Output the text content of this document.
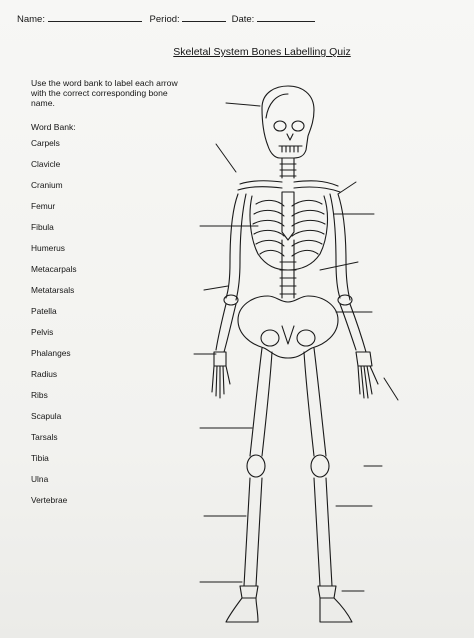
Name:	Period:	Date:
Skeletal System Bones Labelling Quiz
Use the word bank to label each arrow with the correct corresponding bone name.
Word Bank:
Carpels
Clavicle
Cranium
Femur
Fibula
Humerus
Metacarpals
Metatarsals
Patella
Pelvis
Phalanges
Radius
Ribs
Scapula
Tarsals
Tibia
Ulna
Vertebrae
